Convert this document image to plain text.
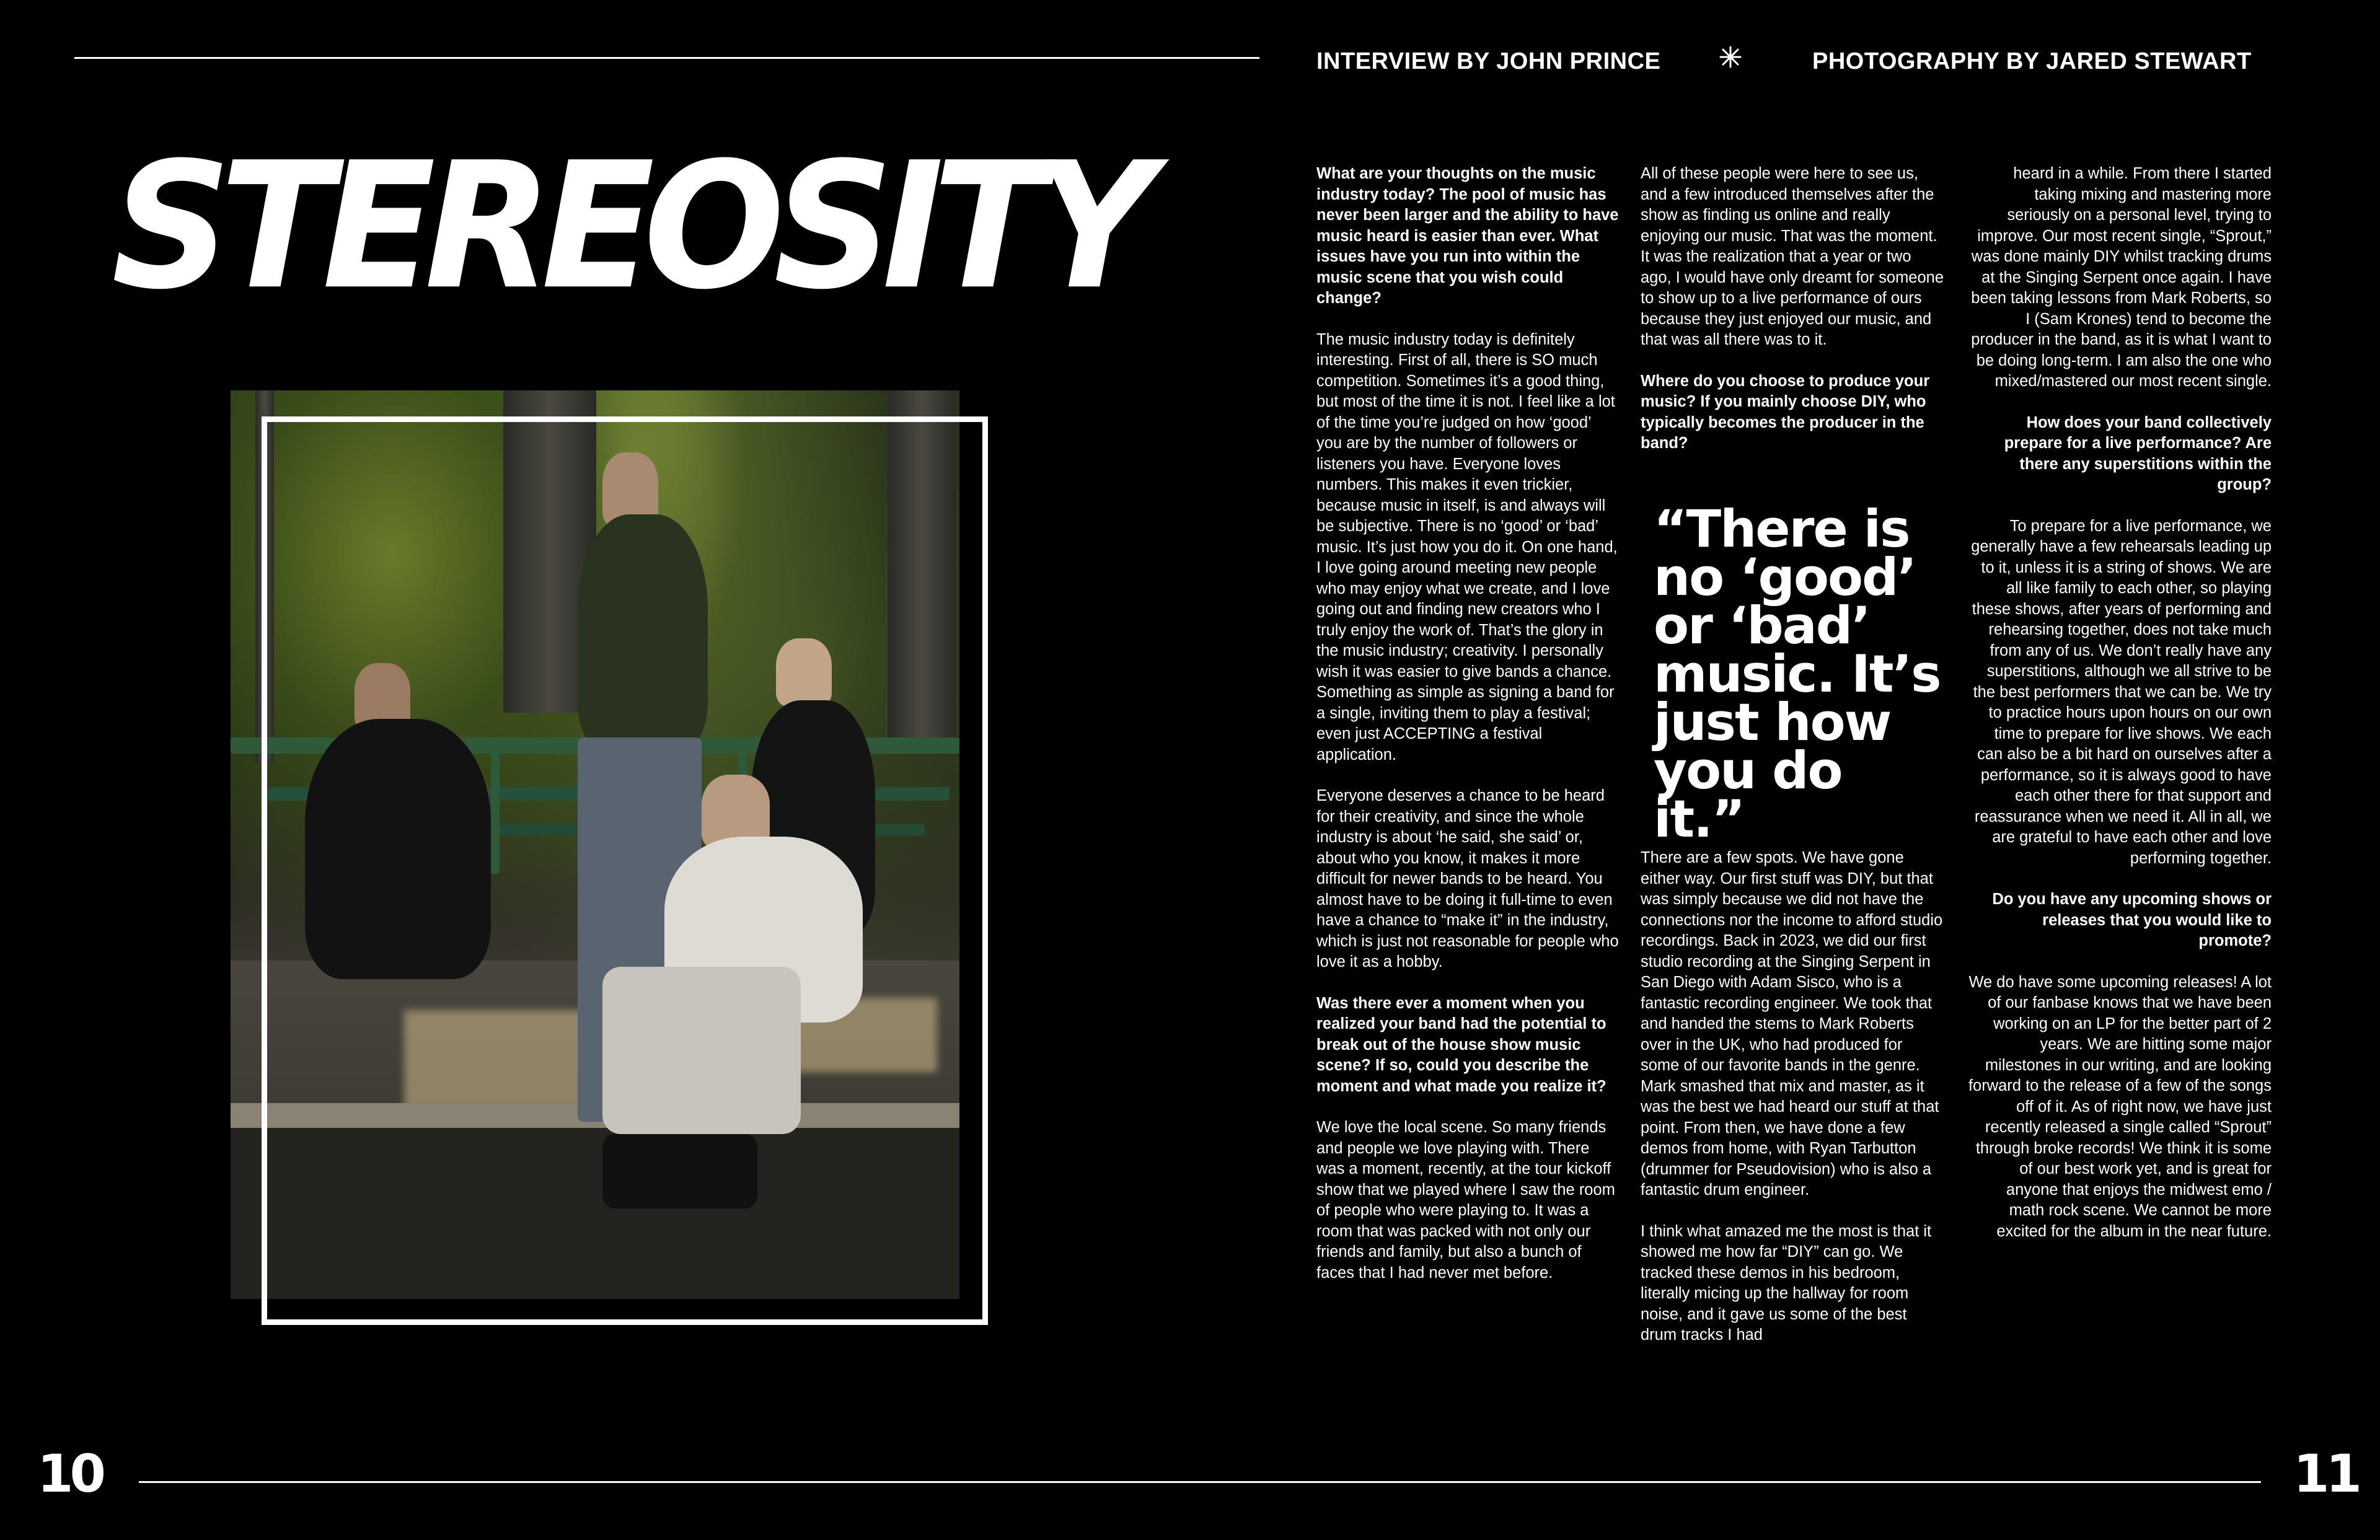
INTERVIEW BY JOHN PRINCE	PHOTOGRAPHY BY JARED STEWART
STEREOSITY	What are your thoughts on the music industry today? The pool of music has never been larger and the ability to have music heard is easier than ever. What issues have you run into within the music scene that you wish could change?

The music industry today is definitely interesting. First of all, there is SO much competition. Sometimes it’s a good thing, but most of the time it is not. I feel like a lot of the time you’re judged on how ‘good’ you are by the number of followers or listeners you have. Everyone loves numbers. This makes it even trickier, because music in itself, is and always will be subjective. There is no ‘good’ or ‘bad’ music. It’s just how you do it. On one hand, I love going around meeting new people who may enjoy what we create, and I love going out and finding new creators who I truly enjoy the work of. That’s the glory in the music industry; creativity. I personally wish it was easier to give bands a chance. Something as simple as signing a band for a single, inviting them to play a festival; even just ACCEPTING a festival application.

Everyone deserves a chance to be heard for their creativity, and since the whole industry is about ‘he said, she said’ or, about who you know, it makes it more difficult for newer bands to be heard. You almost have to be doing it full-time to even have a chance to “make it” in the industry, which is just not reasonable for people who love it as a hobby.

Was there ever a moment when you realized your band had the potential to break out of the house show music scene? If so, could you describe the moment and what made you realize it?

We love the local scene. So many friends and people we love playing with. There was a moment, recently, at the tour kickoff show that we played where I saw the room of people who were playing to. It was a room that was packed with not only our friends and family, but also a bunch of faces that I had never met before.

All of these people were here to see us, and a few introduced themselves after the show as finding us online and really enjoying our music. That was the moment. It was the realization that a year or two ago, I would have only dreamt for someone to show up to a live performance of ours because they just enjoyed our music, and that was all there was to it.

Where do you choose to produce your music? If you mainly choose DIY, who typically becomes the producer in the band?

“There is no ‘good’ or ‘bad’ music. It’s just how you do it.”

There are a few spots. We have gone either way. Our first stuff was DIY, but that was simply because we did not have the connections nor the income to afford studio recordings. Back in 2023, we did our first studio recording at the Singing Serpent in San Diego with Adam Sisco, who is a fantastic recording engineer. We took that and handed the stems to Mark Roberts over in the UK, who had produced for some of our favorite bands in the genre. Mark smashed that mix and master, as it was the best we had heard our stuff at that point. From then, we have done a few demos from home, with Ryan Tarbutton (drummer for Pseudovision) who is also a fantastic drum engineer.

I think what amazed me the most is that it showed me how far “DIY” can go. We tracked these demos in his bedroom, literally micing up the hallway for room noise, and it gave us some of the best drum tracks I had

heard in a while. From there I started taking mixing and mastering more seriously on a personal level, trying to improve. Our most recent single, “Sprout,” was done mainly DIY whilst tracking drums at the Singing Serpent once again. I have been taking lessons from Mark Roberts, so I (Sam Krones) tend to become the producer in the band, as it is what I want to be doing long-term. I am also the one who mixed/mastered our most recent single.

How does your band collectively prepare for a live performance? Are there any superstitions within the group?

To prepare for a live performance, we generally have a few rehearsals leading up to it, unless it is a string of shows. We are all like family to each other, so playing these shows, after years of performing and rehearsing together, does not take much from any of us. We don’t really have any superstitions, although we all strive to be the best performers that we can be. We try to practice hours upon hours on our own time to prepare for live shows. We each can also be a bit hard on ourselves after a performance, so it is always good to have each other there for that support and reassurance when we need it. All in all, we are grateful to have each other and love performing together.

Do you have any upcoming shows or releases that you would like to promote?

We do have some upcoming releases! A lot of our fanbase knows that we have been working on an LP for the better part of 2 years. We are hitting some major milestones in our writing, and are looking forward to the release of a few of the songs off of it. As of right now, we have just recently released a single called “Sprout” through broke records! We think it is some of our best work yet, and is great for anyone that enjoys the midwest emo / math rock scene. We cannot be more excited for the album in the near future.

10	11
